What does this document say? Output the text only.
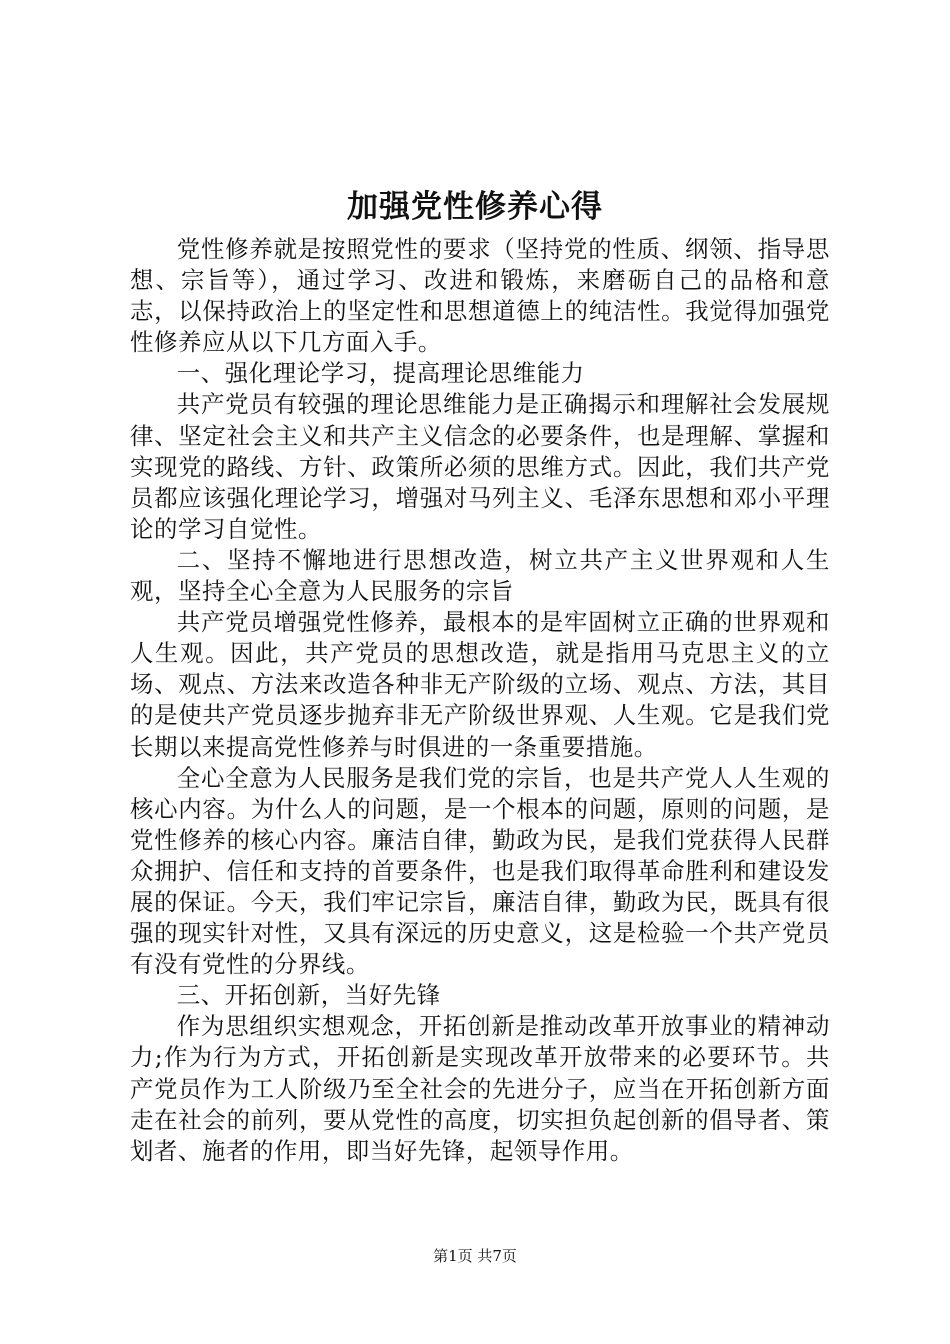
加强党性修养心得

党性修养就是按照党性的要求（坚持党的性质、纲领、指导思想、宗旨等），通过学习、改进和锻炼，来磨砺自己的品格和意志，以保持政治上的坚定性和思想道德上的纯洁性。我觉得加强党性修养应从以下几方面入手。

一、强化理论学习，提高理论思维能力

共产党员有较强的理论思维能力是正确揭示和理解社会发展规律、坚定社会主义和共产主义信念的必要条件，也是理解、掌握和实现党的路线、方针、政策所必须的思维方式。因此，我们共产党员都应该强化理论学习，增强对马列主义、毛泽东思想和邓小平理论的学习自觉性。

二、坚持不懈地进行思想改造，树立共产主义世界观和人生观，坚持全心全意为人民服务的宗旨

共产党员增强党性修养，最根本的是牢固树立正确的世界观和人生观。因此，共产党员的思想改造，就是指用马克思主义的立场、观点、方法来改造各种非无产阶级的立场、观点、方法，其目的是使共产党员逐步抛弃非无产阶级世界观、人生观。它是我们党长期以来提高党性修养与时俱进的一条重要措施。

全心全意为人民服务是我们党的宗旨，也是共产党人人生观的核心内容。为什么人的问题，是一个根本的问题，原则的问题，是党性修养的核心内容。廉洁自律，勤政为民，是我们党获得人民群众拥护、信任和支持的首要条件，也是我们取得革命胜利和建设发展的保证。今天，我们牢记宗旨，廉洁自律，勤政为民，既具有很强的现实针对性，又具有深远的历史意义，这是检验一个共产党员有没有党性的分界线。

三、开拓创新，当好先锋

作为思组织实想观念，开拓创新是推动改革开放事业的精神动力;作为行为方式，开拓创新是实现改革开放带来的必要环节。共产党员作为工人阶级乃至全社会的先进分子，应当在开拓创新方面走在社会的前列，要从党性的高度，切实担负起创新的倡导者、策划者、施者的作用，即当好先锋，起领导作用。

第1页 共7页
